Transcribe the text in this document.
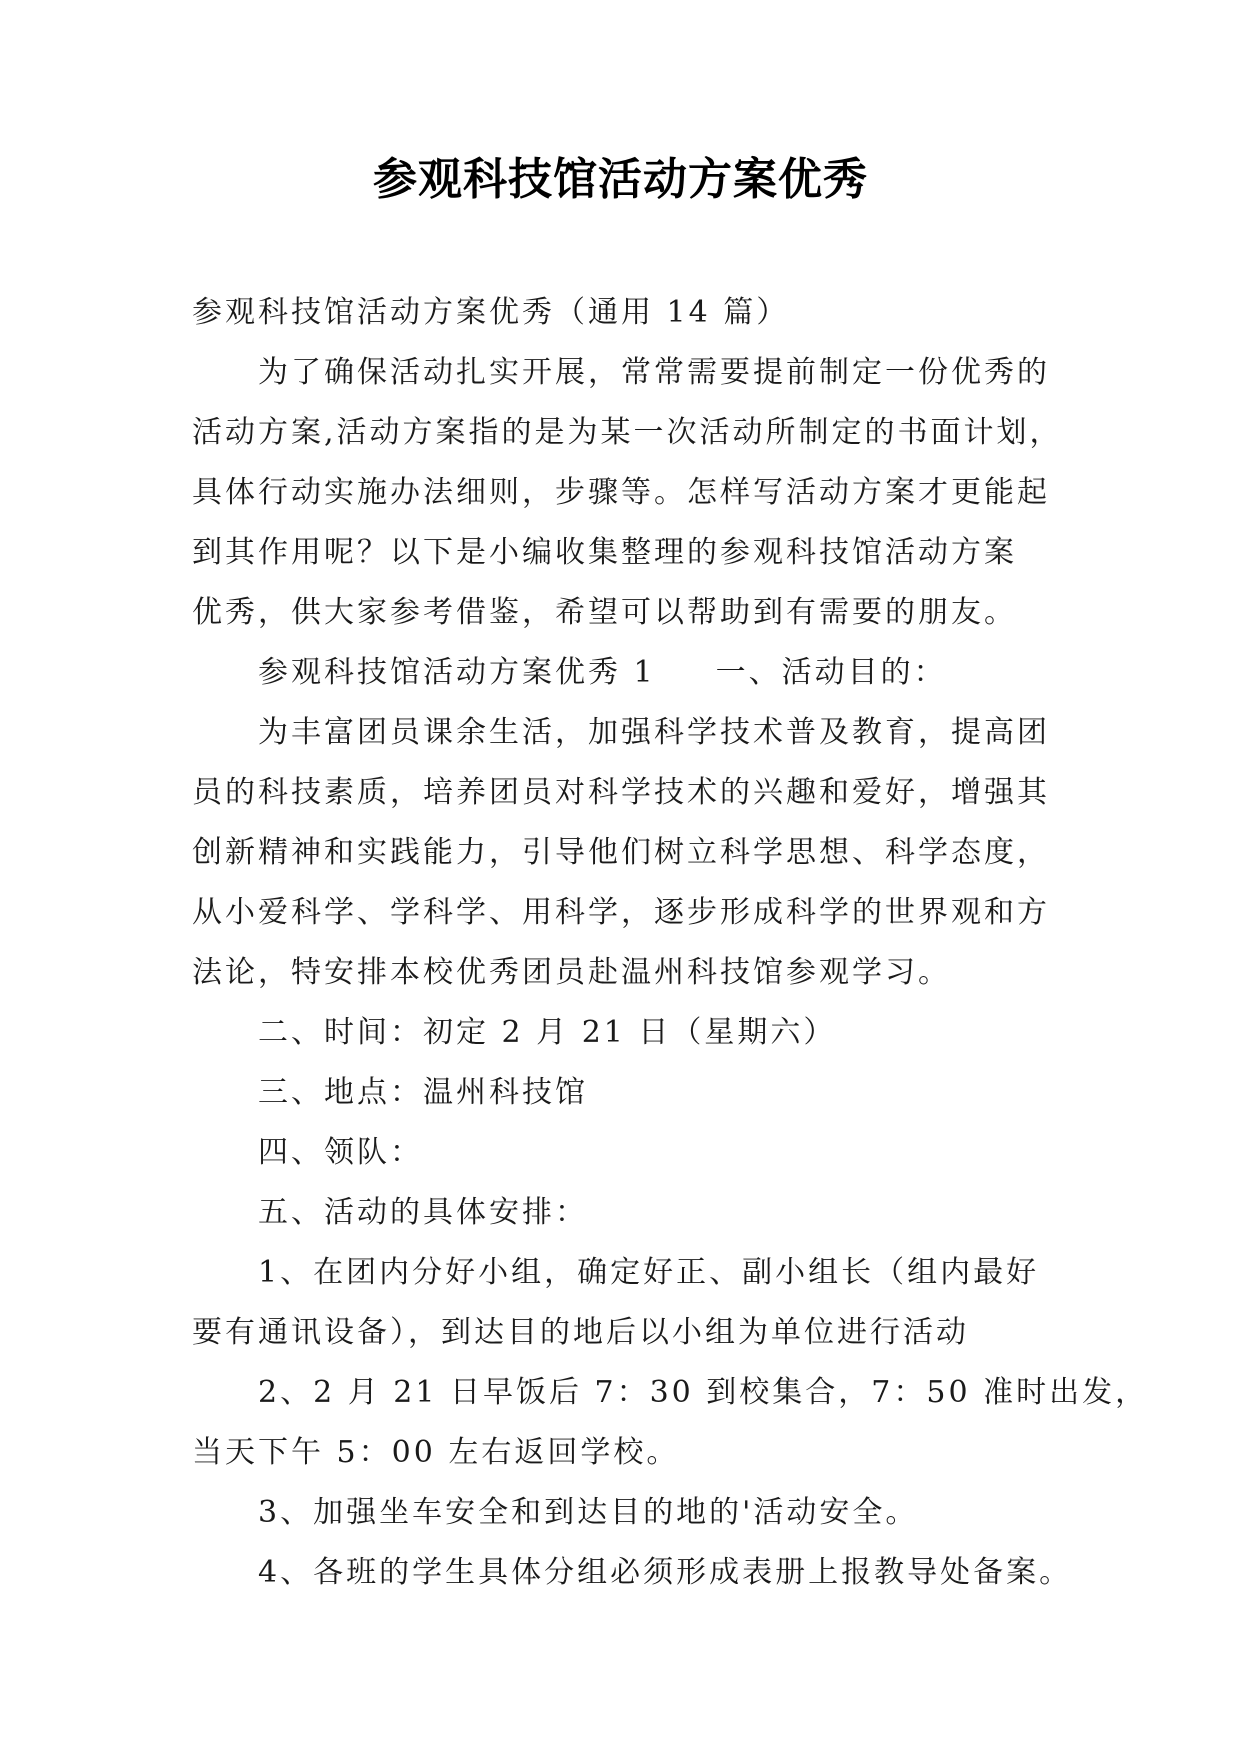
参观科技馆活动方案优秀

参观科技馆活动方案优秀（通用 14 篇）

为了确保活动扎实开展，常常需要提前制定一份优秀的

活动方案,活动方案指的是为某一次活动所制定的书面计划，

具体行动实施办法细则，步骤等。怎样写活动方案才更能起

到其作用呢？以下是小编收集整理的参观科技馆活动方案

优秀，供大家参考借鉴，希望可以帮助到有需要的朋友。

参观科技馆活动方案优秀 1 一、活动目的：

为丰富团员课余生活，加强科学技术普及教育，提高团

员的科技素质，培养团员对科学技术的兴趣和爱好，增强其

创新精神和实践能力，引导他们树立科学思想、科学态度，

从小爱科学、学科学、用科学，逐步形成科学的世界观和方

法论，特安排本校优秀团员赴温州科技馆参观学习。

二、时间：初定 2 月 21 日（星期六）

三、地点：温州科技馆

四、领队：

五、活动的具体安排：

1、在团内分好小组，确定好正、副小组长（组内最好

要有通讯设备），到达目的地后以小组为单位进行活动

2、2 月 21 日早饭后 7：30 到校集合，7：50 准时出发，

当天下午 5：00 左右返回学校。

3、加强坐车安全和到达目的地的'活动安全。

4、各班的学生具体分组必须形成表册上报教导处备案。
